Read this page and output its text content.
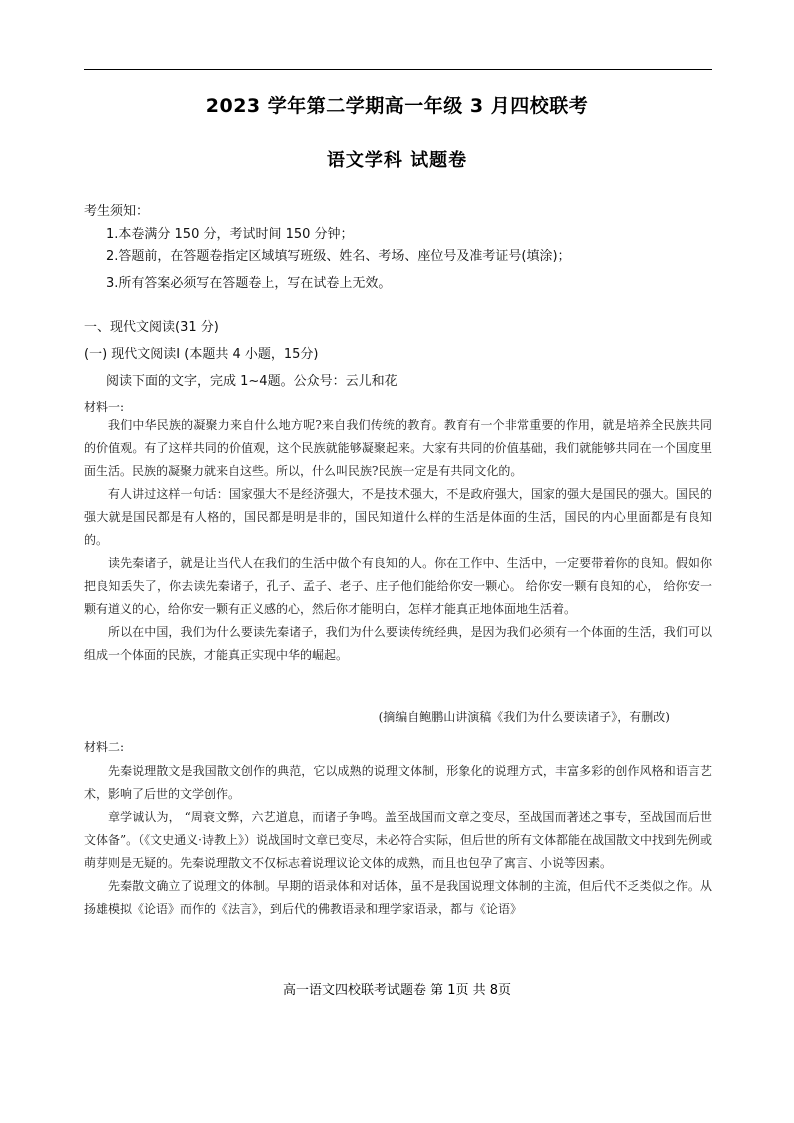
2023 学年第二学期高一年级 3 月四校联考
语文学科 试题卷
考生须知：
1.本卷满分 150 分，考试时间 150 分钟；
2.答题前，在答题卷指定区域填写班级、姓名、考场、座位号及准考证号(填涂)；
3.所有答案必须写在答题卷上，写在试卷上无效。
一、现代文阅读(31 分)
(一) 现代文阅读Ⅰ (本题共 4 小题，15分)
阅读下面的文字，完成 1~4题。公众号：云儿和花
材料一:

我们中华民族的凝聚力来自什么地方呢?来自我们传统的教育。教育有一个非常重要的作用，就是培养全民族共同的价值观。有了这样共同的价值观，这个民族就能够凝聚起来。大家有共同的价值基础，我们就能够共同在一个国度里面生活。民族的凝聚力就来自这些。所以，什么叫民族?民族一定是有共同文化的。

有人讲过这样一句话：国家强大不是经济强大，不是技术强大，不是政府强大，国家的强大是国民的强大。国民的强大就是国民都是有人格的，国民都是明是非的，国民知道什么样的生活是体面的生活，国民的内心里面都是有良知的。

读先秦诸子，就是让当代人在我们的生活中做个有良知的人。你在工作中、生活中，一定要带着你的良知。假如你把良知丢失了，你去读先秦诸子，孔子、孟子、老子、庄子他们能给你安一颗心。 给你安一颗有良知的心， 给你安一颗有道义的心，给你安一颗有正义感的心，然后你才能明白，怎样才能真正地体面地生活着。

所以在中国，我们为什么要读先秦诸子，我们为什么要读传统经典，是因为我们必须有一个体面的生活，我们可以组成一个体面的民族，才能真正实现中华的崛起。

(摘编自鲍鹏山讲演稿《我们为什么要读诸子》，有删改)
材料二:

先秦说理散文是我国散文创作的典范，它以成熟的说理文体制，形象化的说理方式，丰富多彩的创作风格和语言艺术，影响了后世的文学创作。

章学诚认为， “周衰文弊，六艺道息，而诸子争鸣。盖至战国而文章之变尽，至战国而著述之事专，至战国而后世文体备”。（《文史通义·诗教上》）说战国时文章已变尽，未必符合实际，但后世的所有文体都能在战国散文中找到先例或萌芽则是无疑的。先秦说理散文不仅标志着说理议论文体的成熟，而且也包孕了寓言、小说等因素。

先秦散文确立了说理文的体制。早期的语录体和对话体，虽不是我国说理文体制的主流，但后代不乏类似之作。从扬雄模拟《论语》而作的《法言》，到后代的佛教语录和理学家语录，都与《论语》

高一语文四校联考试题卷 第 1页 共 8页
